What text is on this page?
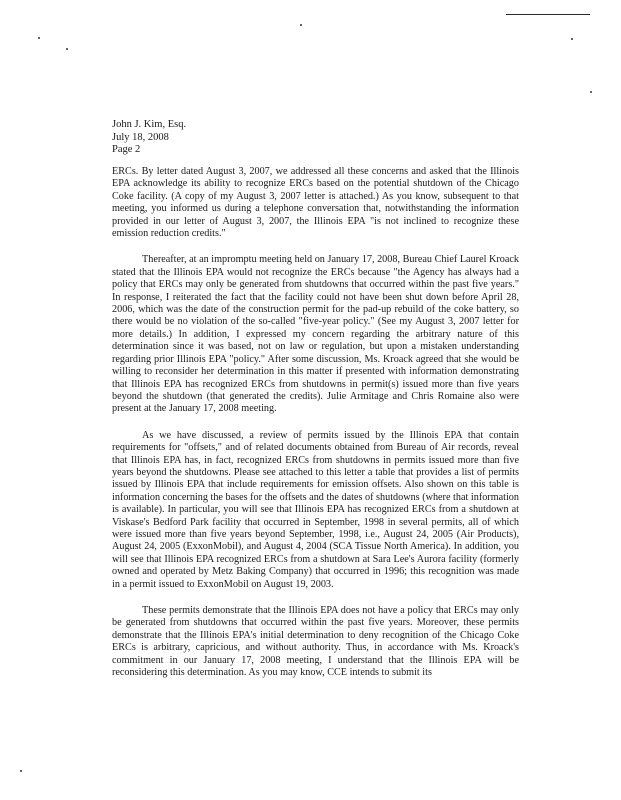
John J. Kim, Esq.
July 18, 2008
Page 2

ERCs. By letter dated August 3, 2007, we addressed all these concerns and asked that the Illinois EPA acknowledge its ability to recognize ERCs based on the potential shutdown of the Chicago Coke facility. (A copy of my August 3, 2007 letter is attached.) As you know, subsequent to that meeting, you informed us during a telephone conversation that, notwithstanding the information provided in our letter of August 3, 2007, the Illinois EPA "is not inclined to recognize these emission reduction credits."

Thereafter, at an impromptu meeting held on January 17, 2008, Bureau Chief Laurel Kroack stated that the Illinois EPA would not recognize the ERCs because "the Agency has always had a policy that ERCs may only be generated from shutdowns that occurred within the past five years." In response, I reiterated the fact that the facility could not have been shut down before April 28, 2006, which was the date of the construction permit for the pad-up rebuild of the coke battery, so there would be no violation of the so-called "five-year policy." (See my August 3, 2007 letter for more details.) In addition, I expressed my concern regarding the arbitrary nature of this determination since it was based, not on law or regulation, but upon a mistaken understanding regarding prior Illinois EPA "policy." After some discussion, Ms. Kroack agreed that she would be willing to reconsider her determination in this matter if presented with information demonstrating that Illinois EPA has recognized ERCs from shutdowns in permit(s) issued more than five years beyond the shutdown (that generated the credits). Julie Armitage and Chris Romaine also were present at the January 17, 2008 meeting.

As we have discussed, a review of permits issued by the Illinois EPA that contain requirements for "offsets," and of related documents obtained from Bureau of Air records, reveal that Illinois EPA has, in fact, recognized ERCs from shutdowns in permits issued more than five years beyond the shutdowns. Please see attached to this letter a table that provides a list of permits issued by Illinois EPA that include requirements for emission offsets. Also shown on this table is information concerning the bases for the offsets and the dates of shutdowns (where that information is available). In particular, you will see that Illinois EPA has recognized ERCs from a shutdown at Viskase's Bedford Park facility that occurred in September, 1998 in several permits, all of which were issued more than five years beyond September, 1998, i.e., August 24, 2005 (Air Products), August 24, 2005 (ExxonMobil), and August 4, 2004 (SCA Tissue North America). In addition, you will see that Illinois EPA recognized ERCs from a shutdown at Sara Lee's Aurora facility (formerly owned and operated by Metz Baking Company) that occurred in 1996; this recognition was made in a permit issued to ExxonMobil on August 19, 2003.

These permits demonstrate that the Illinois EPA does not have a policy that ERCs may only be generated from shutdowns that occurred within the past five years. Moreover, these permits demonstrate that the Illinois EPA's initial determination to deny recognition of the Chicago Coke ERCs is arbitrary, capricious, and without authority. Thus, in accordance with Ms. Kroack's commitment in our January 17, 2008 meeting, I understand that the Illinois EPA will be reconsidering this determination. As you may know, CCE intends to submit its
